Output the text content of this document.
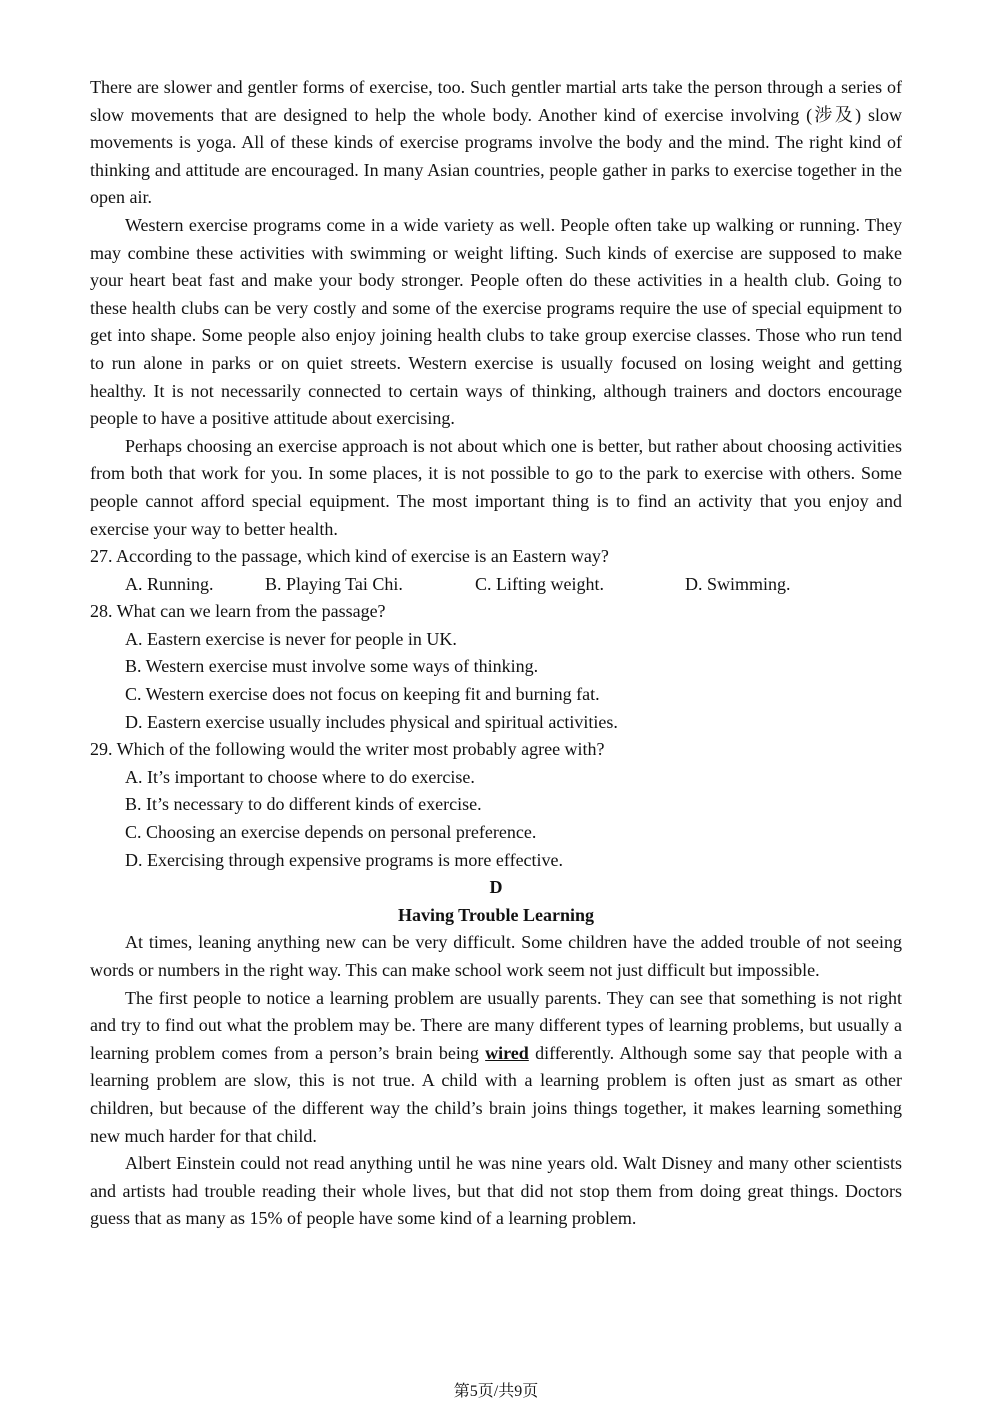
There are slower and gentler forms of exercise, too. Such gentler martial arts take the person through a series of slow movements that are designed to help the whole body. Another kind of exercise involving (涉及) slow movements is yoga. All of these kinds of exercise programs involve the body and the mind. The right kind of thinking and attitude are encouraged. In many Asian countries, people gather in parks to exercise together in the open air.

Western exercise programs come in a wide variety as well. People often take up walking or running. They may combine these activities with swimming or weight lifting. Such kinds of exercise are supposed to make your heart beat fast and make your body stronger. People often do these activities in a health club. Going to these health clubs can be very costly and some of the exercise programs require the use of special equipment to get into shape. Some people also enjoy joining health clubs to take group exercise classes. Those who run tend to run alone in parks or on quiet streets. Western exercise is usually focused on losing weight and getting healthy. It is not necessarily connected to certain ways of thinking, although trainers and doctors encourage people to have a positive attitude about exercising.

Perhaps choosing an exercise approach is not about which one is better, but rather about choosing activities from both that work for you. In some places, it is not possible to go to the park to exercise with others. Some people cannot afford special equipment. The most important thing is to find an activity that you enjoy and exercise your way to better health.

27. According to the passage, which kind of exercise is an Eastern way?

A. Running.	B. Playing Tai Chi.	C. Lifting weight.	D. Swimming.

28. What can we learn from the passage?

A. Eastern exercise is never for people in UK.

B. Western exercise must involve some ways of thinking.

C. Western exercise does not focus on keeping fit and burning fat.

D. Eastern exercise usually includes physical and spiritual activities.

29. Which of the following would the writer most probably agree with?

A. It’s important to choose where to do exercise.

B. It’s necessary to do different kinds of exercise.

C. Choosing an exercise depends on personal preference.

D. Exercising through expensive programs is more effective.

D

Having Trouble Learning

At times, leaning anything new can be very difficult. Some children have the added trouble of not seeing words or numbers in the right way. This can make school work seem not just difficult but impossible.

The first people to notice a learning problem are usually parents. They can see that something is not right and try to find out what the problem may be. There are many different types of learning problems, but usually a learning problem comes from a person’s brain being wired differently. Although some say that people with a learning problem are slow, this is not true. A child with a learning problem is often just as smart as other children, but because of the different way the child’s brain joins things together, it makes learning something new much harder for that child.

Albert Einstein could not read anything until he was nine years old. Walt Disney and many other scientists and artists had trouble reading their whole lives, but that did not stop them from doing great things. Doctors guess that as many as 15% of people have some kind of a learning problem.

第5页/共9页
